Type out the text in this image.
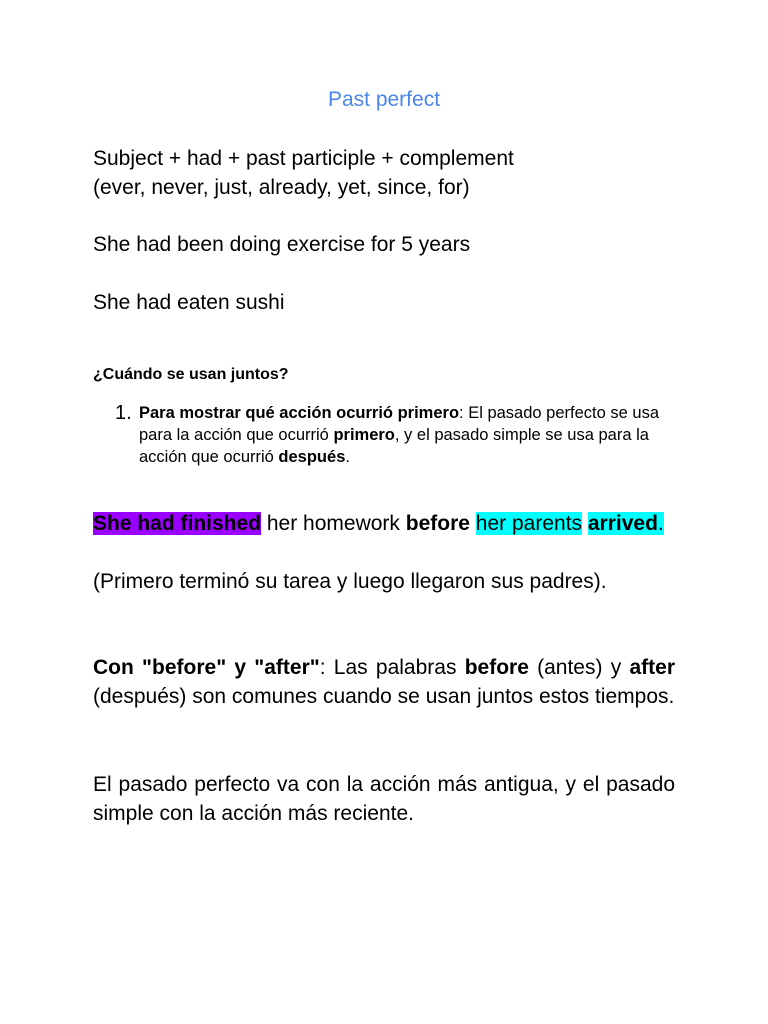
Past perfect
Subject + had + past participle + complement
(ever, never, just, already, yet, since, for)
She had been doing exercise for 5 years
She had eaten sushi
¿Cuándo se usan juntos?
1. Para mostrar qué acción ocurrió primero: El pasado perfecto se usa para la acción que ocurrió primero, y el pasado simple se usa para la acción que ocurrió después.
She had finished her homework before her parents arrived.
(Primero terminó su tarea y luego llegaron sus padres).
Con "before" y "after": Las palabras before (antes) y after (después) son comunes cuando se usan juntos estos tiempos.
El pasado perfecto va con la acción más antigua, y el pasado simple con la acción más reciente.
